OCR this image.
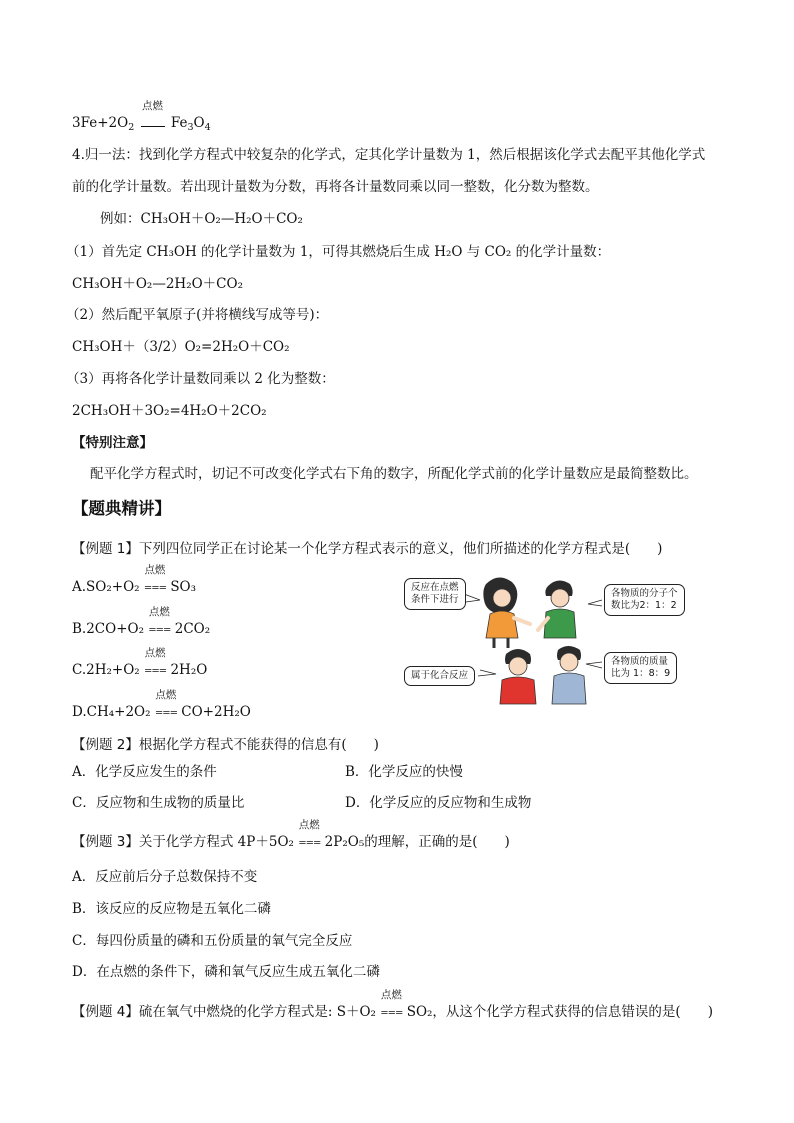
$3Fe+2O_2$
点燃
$Fe_3O_4$
4.归一法：找到化学方程式中较复杂的化学式，定其化学计量数为 1，然后根据该化学式去配平其他化学式
前的化学计量数。若出现计量数为分数，再将各计量数同乘以同一整数，化分数为整数。
例如：CH₃OH＋O₂—H₂O＋CO₂
（1）首先定 CH₃OH 的化学计量数为 1，可得其燃烧后生成 H₂O 与 CO₂ 的化学计量数：
CH₃OH＋O₂—2H₂O＋CO₂
（2）然后配平氧原子(并将横线写成等号)：
CH₃OH＋（3/2）O₂=2H₂O＋CO₂
（3）再将各化学计量数同乘以 2 化为整数：
2CH₃OH＋3O₂=4H₂O＋2CO₂
【特别注意】
配平化学方程式时，切记不可改变化学式右下角的数字，所配化学式前的化学计量数应是最简整数比。
【题典精讲】
【例题 1】下列四位同学正在讨论某一个化学方程式表示的意义，他们所描述的化学方程式是(　　)
A.SO₂+O₂
点燃
=== SO₃
B.2CO+O₂
点燃
=== 2CO₂
C.2H₂+O₂
点燃
=== 2H₂O
D.CH₄+2O₂
点燃
=== CO+2H₂O
反应在点燃
条件下进行
各物质的分子个
数比为2：1：2
属于化合反应
各物质的质量
比为 1：8：9
【例题 2】根据化学方程式不能获得的信息有(　　)
A．化学反应发生的条件	B．化学反应的快慢
C．反应物和生成物的质量比	D．化学反应的反应物和生成物
【例题 3】关于化学方程式 4P＋5O₂
点燃
=== 2P₂O₅的理解，正确的是(　　)
A．反应前后分子总数保持不变
B．该反应的反应物是五氧化二磷
C．每四份质量的磷和五份质量的氧气完全反应
D．在点燃的条件下，磷和氧气反应生成五氧化二磷
【例题 4】硫在氧气中燃烧的化学方程式是: S＋O₂
点燃
=== SO₂，从这个化学方程式获得的信息错误的是(　　)
